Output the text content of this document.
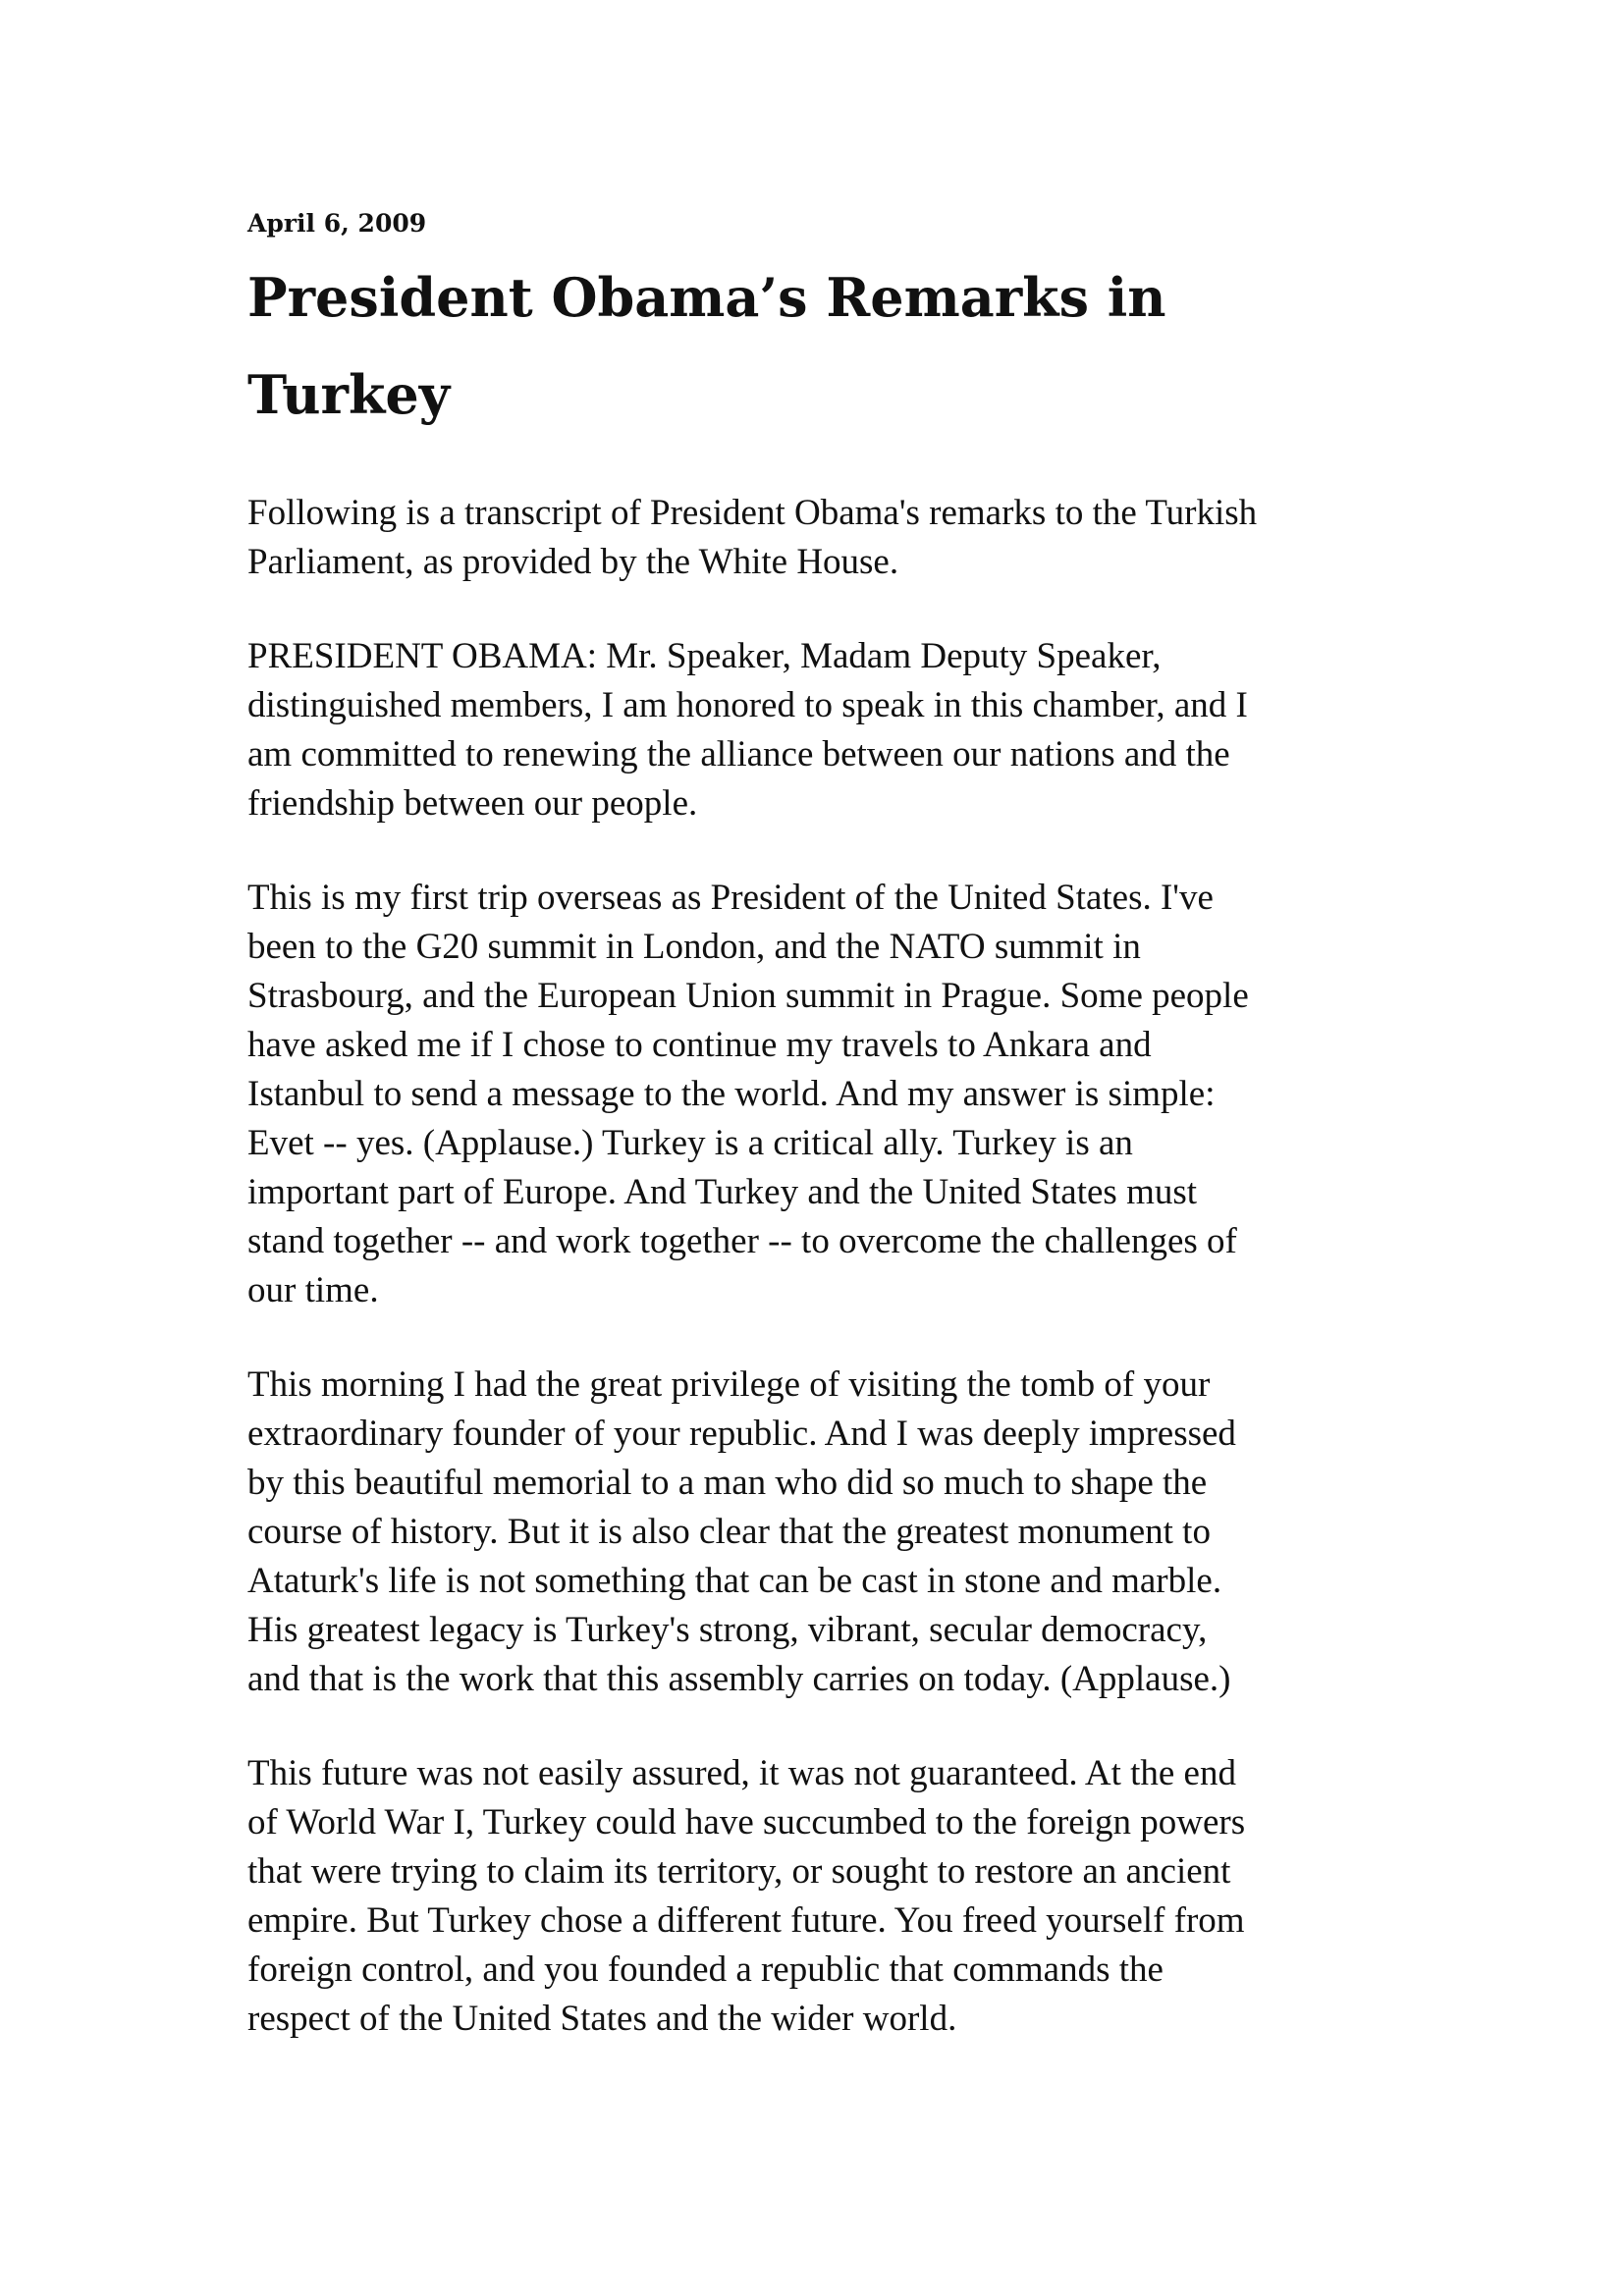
April 6, 2009

President Obama’s Remarks in Turkey

Following is a transcript of President Obama's remarks to the Turkish
Parliament, as provided by the White House.

PRESIDENT OBAMA: Mr. Speaker, Madam Deputy Speaker,
distinguished members, I am honored to speak in this chamber, and I
am committed to renewing the alliance between our nations and the
friendship between our people.

This is my first trip overseas as President of the United States. I've
been to the G20 summit in London, and the NATO summit in
Strasbourg, and the European Union summit in Prague. Some people
have asked me if I chose to continue my travels to Ankara and
Istanbul to send a message to the world. And my answer is simple:
Evet -- yes. (Applause.) Turkey is a critical ally. Turkey is an
important part of Europe. And Turkey and the United States must
stand together -- and work together -- to overcome the challenges of
our time.

This morning I had the great privilege of visiting the tomb of your
extraordinary founder of your republic. And I was deeply impressed
by this beautiful memorial to a man who did so much to shape the
course of history. But it is also clear that the greatest monument to
Ataturk's life is not something that can be cast in stone and marble.
His greatest legacy is Turkey's strong, vibrant, secular democracy,
and that is the work that this assembly carries on today. (Applause.)

This future was not easily assured, it was not guaranteed. At the end
of World War I, Turkey could have succumbed to the foreign powers
that were trying to claim its territory, or sought to restore an ancient
empire. But Turkey chose a different future. You freed yourself from
foreign control, and you founded a republic that commands the
respect of the United States and the wider world.
